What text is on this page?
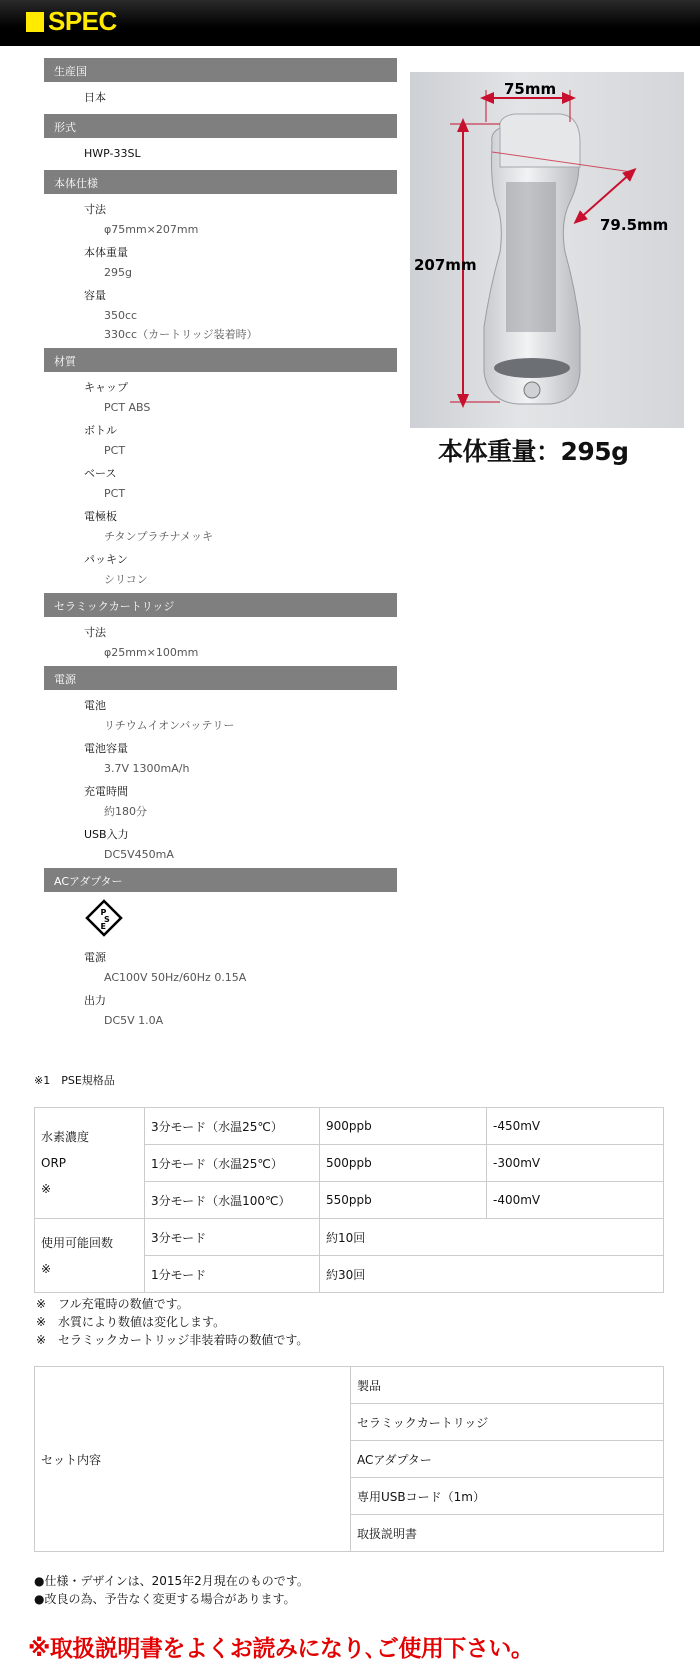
SPEC
生産国
日本
形式
HWP-33SL
本体仕様
寸法
φ75mm×207mm
本体重量
295g
容量
350cc
330cc（カートリッジ装着時）
材質
キャップ
PCT ABS
ボトル
PCT
ベース
PCT
電極板
チタンプラチナメッキ
パッキン
シリコン
セラミックカートリッジ
寸法
φ25mm×100mm
電源
電池
リチウムイオンバッテリー
電池容量
3.7V 1300mA/h
充電時間
約180分
USB入力
DC5V450mA
ACアダプター
P
S
E
電源
AC100V 50Hz/60Hz 0.15A
出力
DC5V 1.0A
75mm
207mm
79.5mm
本体重量：295g
※1　PSE規格品
水素濃度
ORP
※	3分モード（水温25℃）	900ppb	-450mV
	1分モード（水温25℃）	500ppb	-300mV
	3分モード（水温100℃）	550ppb	-400mV

使用可能回数
※	3分モード	約10回	
	1分モード	約30回	
※　フル充電時の数値です。
※　水質により数値は変化します。
※　セラミックカートリッジ非装着時の数値です。
セット内容	製品
セラミックカートリッジ
ACアダプター
専用USBコード（1m）
取扱説明書
●仕様・デザインは、2015年2月現在のものです。
●改良の為、予告なく変更する場合があります。
※取扱説明書をよくお読みになり､ご使用下さい。
